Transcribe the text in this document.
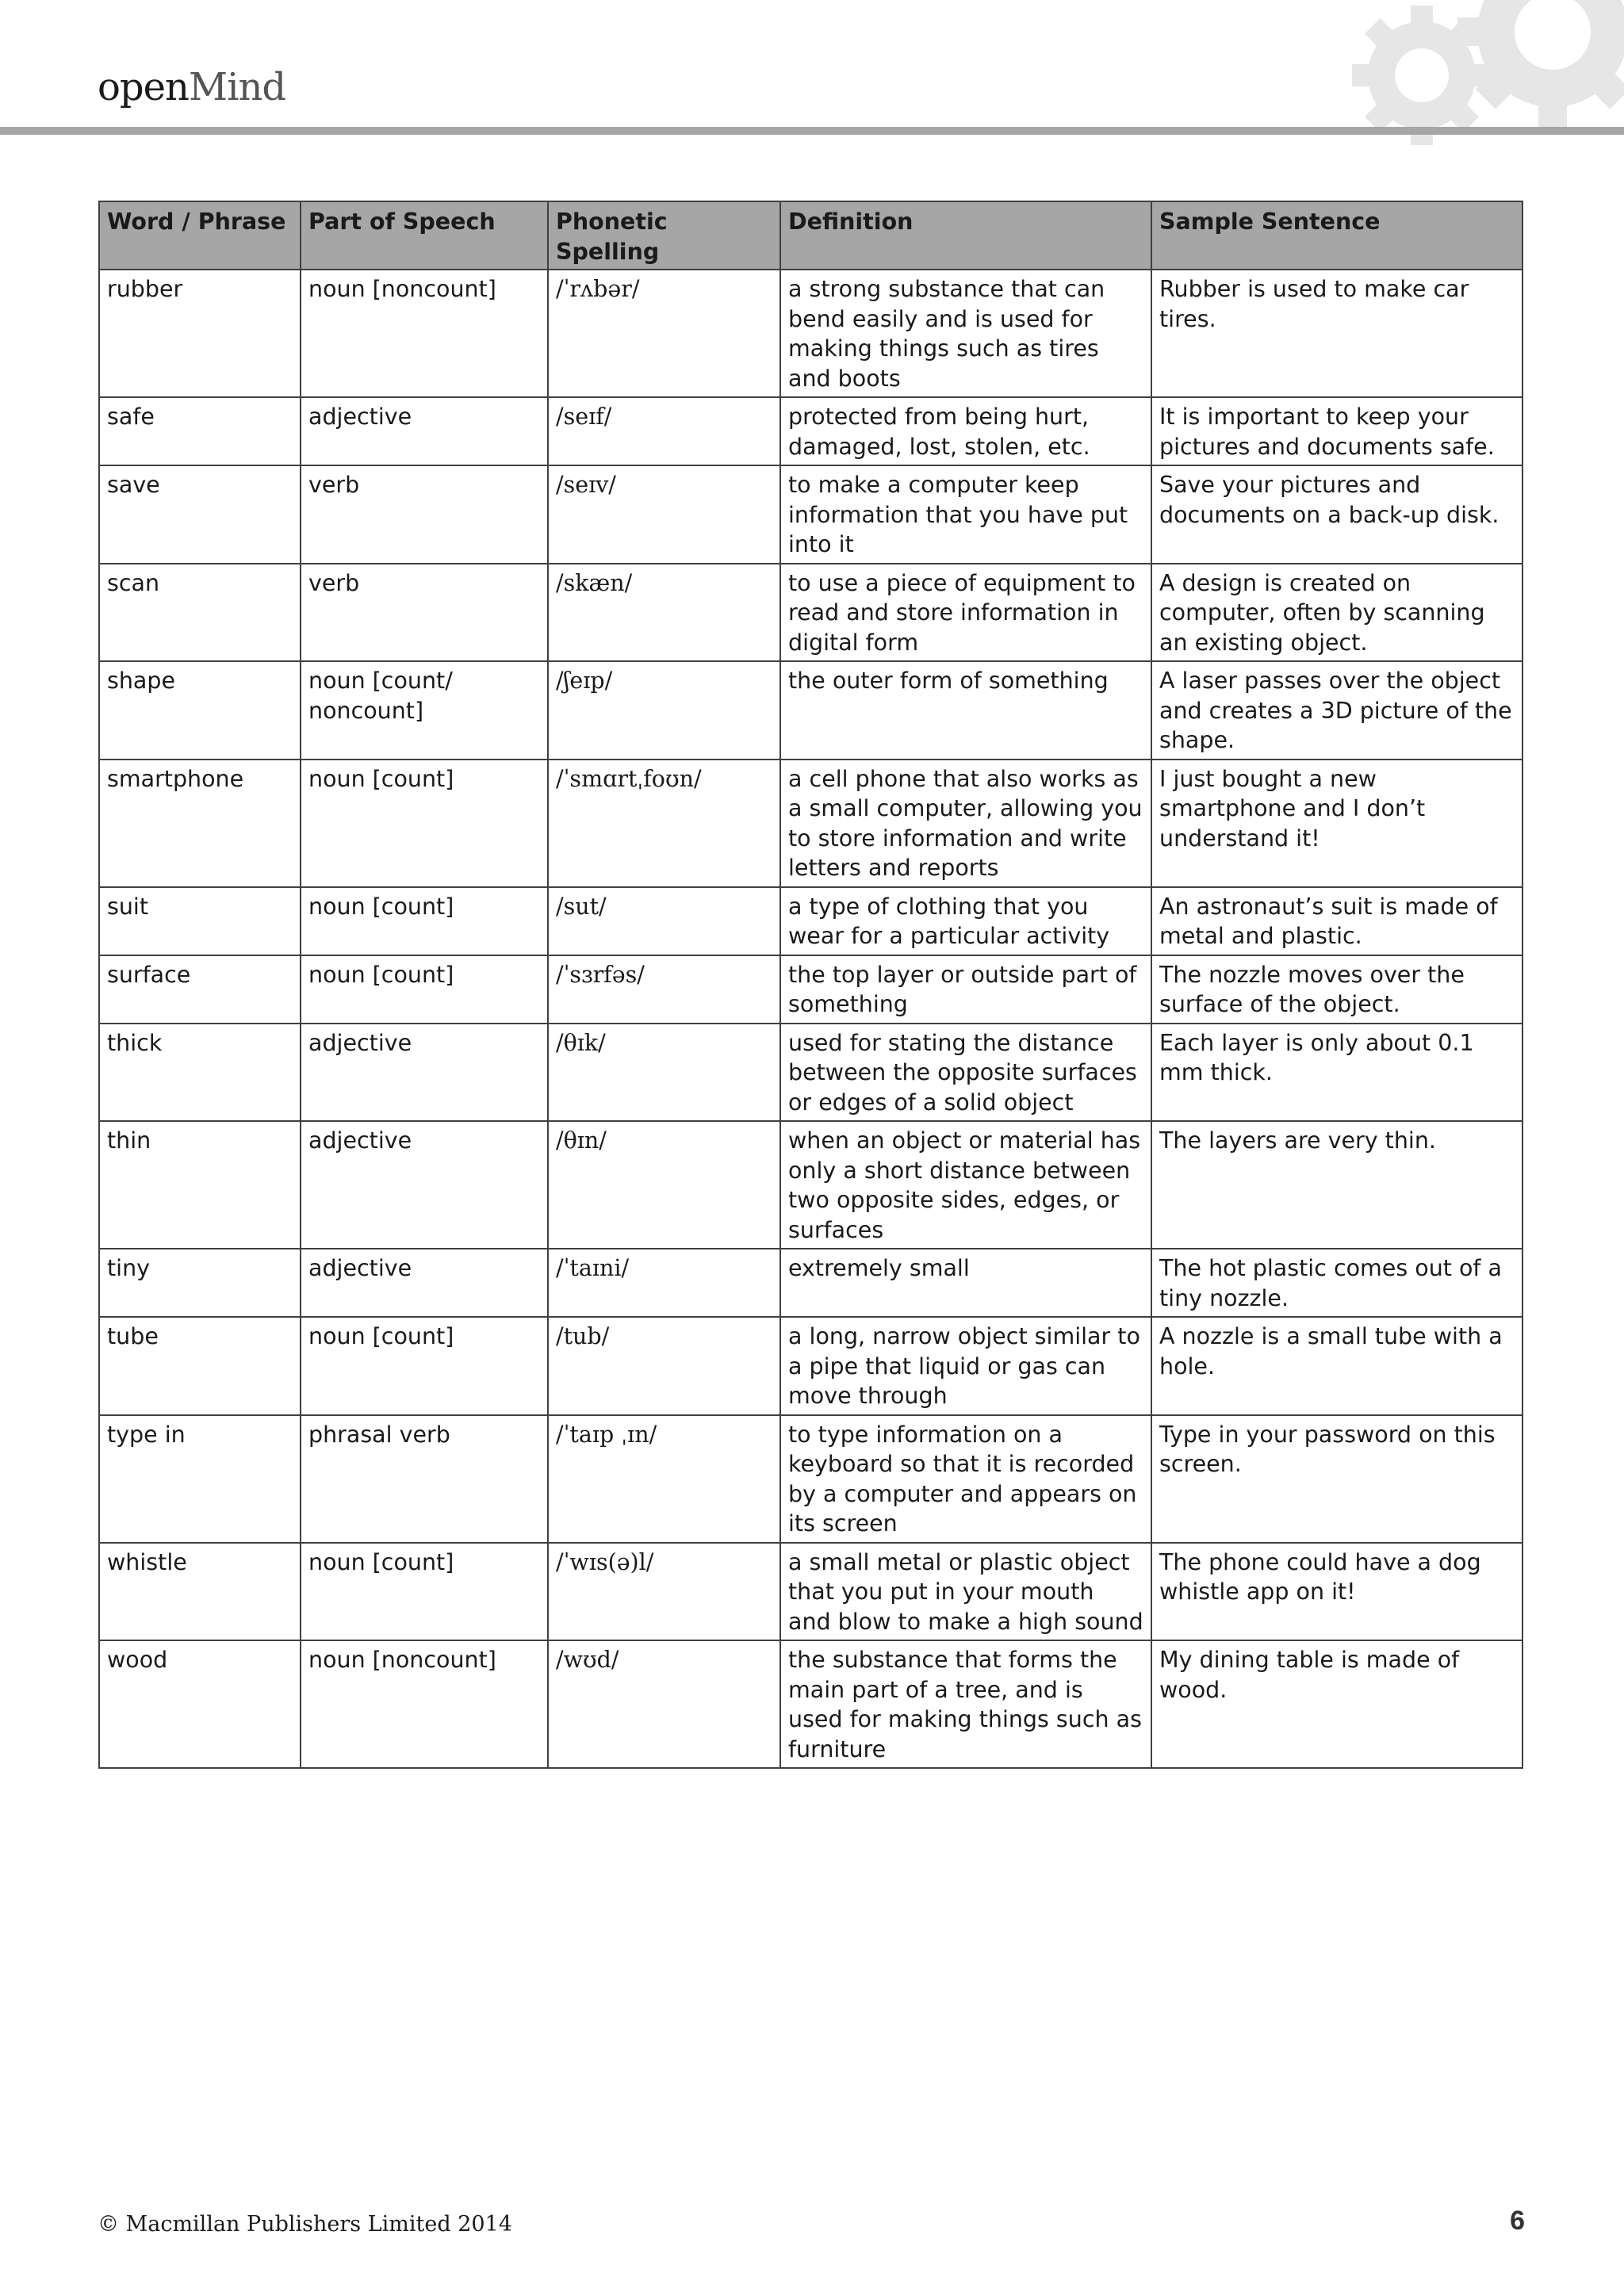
open Mind
Word / Phrase	Part of Speech	Phonetic Spelling	Definition	Sample Sentence
rubber	noun [noncount]	/ˈrʌbər/	a strong substance that can bend easily and is used for making things such as tires and boots	Rubber is used to make car tires.
safe	adjective	/seɪf/	protected from being hurt, damaged, lost, stolen, etc.	It is important to keep your pictures and documents safe.
save	verb	/seɪv/	to make a computer keep information that you have put into it	Save your pictures and documents on a back-up disk.
scan	verb	/skæn/	to use a piece of equipment to read and store information in digital form	A design is created on computer, often by scanning an existing object.
shape	noun [count/ noncount]	/ʃeɪp/	the outer form of something	A laser passes over the object and creates a 3D picture of the shape.
smartphone	noun [count]	/ˈsmɑrtˌfoʊn/	a cell phone that also works as a small computer, allowing you to store information and write letters and reports	I just bought a new smartphone and I don’t understand it!
suit	noun [count]	/sut/	a type of clothing that you wear for a particular activity	An astronaut’s suit is made of metal and plastic.
surface	noun [count]	/ˈsɜrfəs/	the top layer or outside part of something	The nozzle moves over the surface of the object.
thick	adjective	/θɪk/	used for stating the distance between the opposite surfaces or edges of a solid object	Each layer is only about 0.1 mm thick.
thin	adjective	/θɪn/	when an object or material has only a short distance between two opposite sides, edges, or surfaces	The layers are very thin.
tiny	adjective	/ˈtaɪni/	extremely small	The hot plastic comes out of a tiny nozzle.
tube	noun [count]	/tub/	a long, narrow object similar to a pipe that liquid or gas can move through	A nozzle is a small tube with a hole.
type in	phrasal verb	/ˈtaɪp ˌɪn/	to type information on a keyboard so that it is recorded by a computer and appears on its screen	Type in your password on this screen.
whistle	noun [count]	/ˈwɪs(ə)l/	a small metal or plastic object that you put in your mouth and blow to make a high sound	The phone could have a dog whistle app on it!
wood	noun [noncount]	/wʊd/	the substance that forms the main part of a tree, and is used for making things such as furniture	My dining table is made of wood.
© Macmillan Publishers Limited 2014	6
